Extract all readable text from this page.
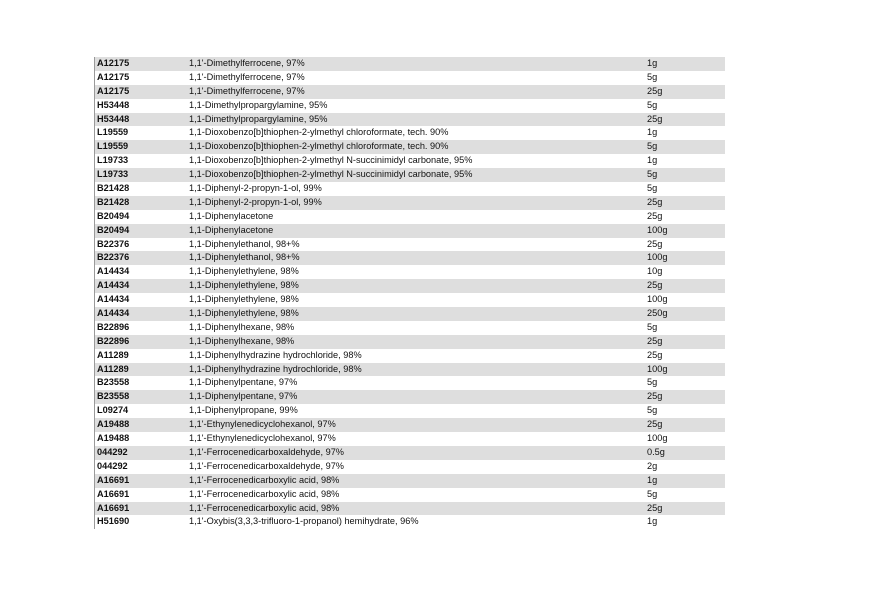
A12175	1,1'-Dimethylferrocene, 97%	1g
A12175	1,1'-Dimethylferrocene, 97%	5g
A12175	1,1'-Dimethylferrocene, 97%	25g
H53448	1,1-Dimethylpropargylamine, 95%	5g
H53448	1,1-Dimethylpropargylamine, 95%	25g
L19559	1,1-Dioxobenzo[b]thiophen-2-ylmethyl chloroformate, tech. 90%	1g
L19559	1,1-Dioxobenzo[b]thiophen-2-ylmethyl chloroformate, tech. 90%	5g
L19733	1,1-Dioxobenzo[b]thiophen-2-ylmethyl N-succinimidyl carbonate, 95%	1g
L19733	1,1-Dioxobenzo[b]thiophen-2-ylmethyl N-succinimidyl carbonate, 95%	5g
B21428	1,1-Diphenyl-2-propyn-1-ol, 99%	5g
B21428	1,1-Diphenyl-2-propyn-1-ol, 99%	25g
B20494	1,1-Diphenylacetone	25g
B20494	1,1-Diphenylacetone	100g
B22376	1,1-Diphenylethanol, 98+%	25g
B22376	1,1-Diphenylethanol, 98+%	100g
A14434	1,1-Diphenylethylene, 98%	10g
A14434	1,1-Diphenylethylene, 98%	25g
A14434	1,1-Diphenylethylene, 98%	100g
A14434	1,1-Diphenylethylene, 98%	250g
B22896	1,1-Diphenylhexane, 98%	5g
B22896	1,1-Diphenylhexane, 98%	25g
A11289	1,1-Diphenylhydrazine hydrochloride, 98%	25g
A11289	1,1-Diphenylhydrazine hydrochloride, 98%	100g
B23558	1,1-Diphenylpentane, 97%	5g
B23558	1,1-Diphenylpentane, 97%	25g
L09274	1,1-Diphenylpropane, 99%	5g
A19488	1,1'-Ethynylenedicyclohexanol, 97%	25g
A19488	1,1'-Ethynylenedicyclohexanol, 97%	100g
044292	1,1'-Ferrocenedicarboxaldehyde, 97%	0.5g
044292	1,1'-Ferrocenedicarboxaldehyde, 97%	2g
A16691	1,1'-Ferrocenedicarboxylic acid, 98%	1g
A16691	1,1'-Ferrocenedicarboxylic acid, 98%	5g
A16691	1,1'-Ferrocenedicarboxylic acid, 98%	25g
H51690	1,1'-Oxybis(3,3,3-trifluoro-1-propanol) hemihydrate, 96%	1g
